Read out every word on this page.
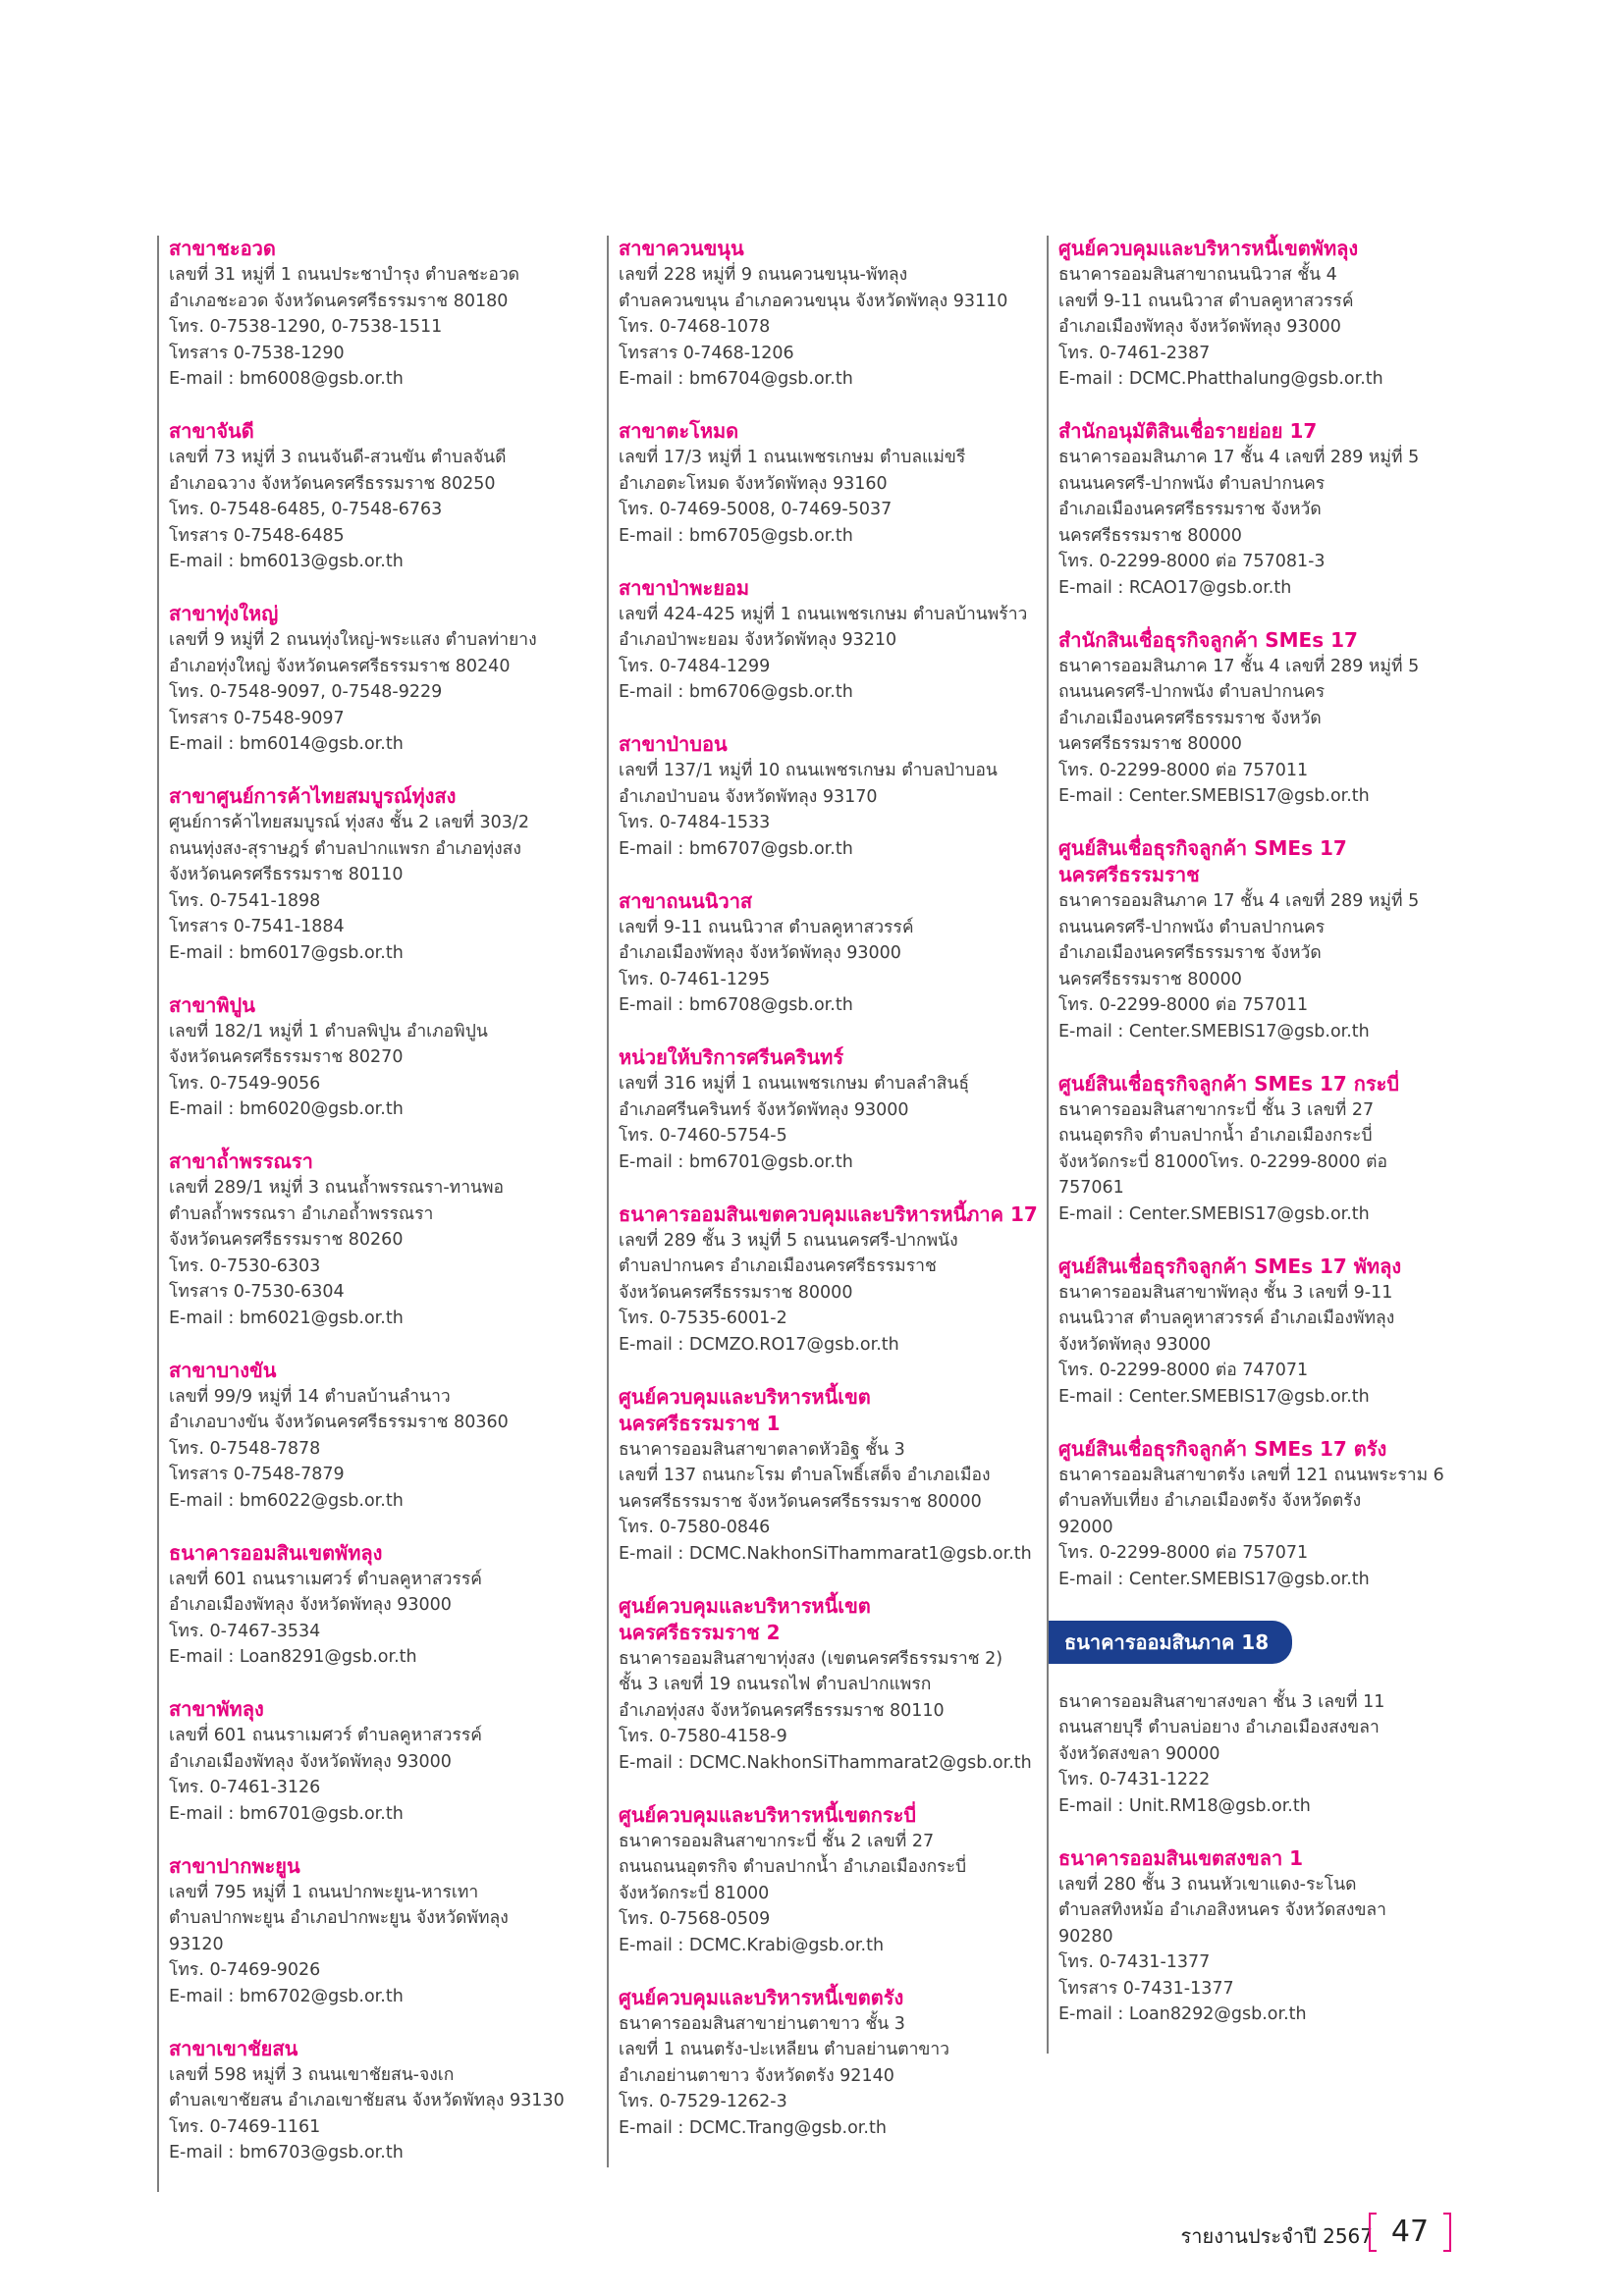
สาขาชะอวด
เลขที่ 31 หมู่ที่ 1 ถนนประชาบำรุง ตำบลชะอวด
อำเภอชะอวด จังหวัดนครศรีธรรมราช 80180
โทร. 0-7538-1290, 0-7538-1511
โทรสาร 0-7538-1290
E-mail : bm6008@gsb.or.th
สาขาจันดี
เลขที่ 73 หมู่ที่ 3 ถนนจันดี-สวนขัน ตำบลจันดี
อำเภอฉวาง จังหวัดนครศรีธรรมราช 80250
โทร. 0-7548-6485, 0-7548-6763
โทรสาร 0-7548-6485
E-mail : bm6013@gsb.or.th
สาขาทุ่งใหญ่
เลขที่ 9 หมู่ที่ 2 ถนนทุ่งใหญ่-พระแสง ตำบลท่ายาง
อำเภอทุ่งใหญ่ จังหวัดนครศรีธรรมราช 80240
โทร. 0-7548-9097, 0-7548-9229
โทรสาร 0-7548-9097
E-mail : bm6014@gsb.or.th
สาขาศูนย์การค้าไทยสมบูรณ์ทุ่งสง
ศูนย์การค้าไทยสมบูรณ์ ทุ่งสง ชั้น 2 เลขที่ 303/2
ถนนทุ่งสง-สุราษฎร์ ตำบลปากแพรก อำเภอทุ่งสง
จังหวัดนครศรีธรรมราช 80110
โทร. 0-7541-1898
โทรสาร 0-7541-1884
E-mail : bm6017@gsb.or.th
สาขาพิปูน
เลขที่ 182/1 หมู่ที่ 1 ตำบลพิปูน อำเภอพิปูน
จังหวัดนครศรีธรรมราช 80270
โทร. 0-7549-9056
E-mail : bm6020@gsb.or.th
สาขาถ้ำพรรณรา
เลขที่ 289/1 หมู่ที่ 3 ถนนถ้ำพรรณรา-ทานพอ
ตำบลถ้ำพรรณรา อำเภอถ้ำพรรณรา
จังหวัดนครศรีธรรมราช 80260
โทร. 0-7530-6303
โทรสาร 0-7530-6304
E-mail : bm6021@gsb.or.th
สาขาบางขัน
เลขที่ 99/9 หมู่ที่ 14 ตำบลบ้านลำนาว
อำเภอบางขัน จังหวัดนครศรีธรรมราช 80360
โทร. 0-7548-7878
โทรสาร 0-7548-7879
E-mail : bm6022@gsb.or.th
ธนาคารออมสินเขตพัทลุง
เลขที่ 601 ถนนราเมศวร์ ตำบลคูหาสวรรค์
อำเภอเมืองพัทลุง จังหวัดพัทลุง 93000
โทร. 0-7467-3534
E-mail : Loan8291@gsb.or.th
สาขาพัทลุง
เลขที่ 601 ถนนราเมศวร์ ตำบลคูหาสวรรค์
อำเภอเมืองพัทลุง จังหวัดพัทลุง 93000
โทร. 0-7461-3126
E-mail : bm6701@gsb.or.th
สาขาปากพะยูน
เลขที่ 795 หมู่ที่ 1 ถนนปากพะยูน-หารเทา
ตำบลปากพะยูน อำเภอปากพะยูน จังหวัดพัทลุง
93120
โทร. 0-7469-9026
E-mail : bm6702@gsb.or.th
สาขาเขาชัยสน
เลขที่ 598 หมู่ที่ 3 ถนนเขาชัยสน-จงเก
ตำบลเขาชัยสน อำเภอเขาชัยสน จังหวัดพัทลุง 93130
โทร. 0-7469-1161
E-mail : bm6703@gsb.or.th
สาขาควนขนุน
เลขที่ 228 หมู่ที่ 9 ถนนควนขนุน-พัทลุง
ตำบลควนขนุน อำเภอควนขนุน จังหวัดพัทลุง 93110
โทร. 0-7468-1078
โทรสาร 0-7468-1206
E-mail : bm6704@gsb.or.th
สาขาตะโหมด
เลขที่ 17/3 หมู่ที่ 1 ถนนเพชรเกษม ตำบลแม่ขรี
อำเภอตะโหมด จังหวัดพัทลุง 93160
โทร. 0-7469-5008, 0-7469-5037
E-mail : bm6705@gsb.or.th
สาขาป่าพะยอม
เลขที่ 424-425 หมู่ที่ 1 ถนนเพชรเกษม ตำบลบ้านพร้าว
อำเภอป่าพะยอม จังหวัดพัทลุง 93210
โทร. 0-7484-1299
E-mail : bm6706@gsb.or.th
สาขาป่าบอน
เลขที่ 137/1 หมู่ที่ 10 ถนนเพชรเกษม ตำบลป่าบอน
อำเภอป่าบอน จังหวัดพัทลุง 93170
โทร. 0-7484-1533
E-mail : bm6707@gsb.or.th
สาขาถนนนิวาส
เลขที่ 9-11 ถนนนิวาส ตำบลคูหาสวรรค์
อำเภอเมืองพัทลุง จังหวัดพัทลุง 93000
โทร. 0-7461-1295
E-mail : bm6708@gsb.or.th
หน่วยให้บริการศรีนครินทร์
เลขที่ 316 หมู่ที่ 1 ถนนเพชรเกษม ตำบลลำสินธุ์
อำเภอศรีนครินทร์ จังหวัดพัทลุง 93000
โทร. 0-7460-5754-5
E-mail : bm6701@gsb.or.th
ธนาคารออมสินเขตควบคุมและบริหารหนี้ภาค 17
เลขที่ 289 ชั้น 3 หมู่ที่ 5 ถนนนครศรี-ปากพนัง
ตำบลปากนคร อำเภอเมืองนครศรีธรรมราช
จังหวัดนครศรีธรรมราช 80000
โทร. 0-7535-6001-2
E-mail : DCMZO.RO17@gsb.or.th
ศูนย์ควบคุมและบริหารหนี้เขต
นครศรีธรรมราช 1
ธนาคารออมสินสาขาตลาดหัวอิฐ ชั้น 3
เลขที่ 137 ถนนกะโรม ตำบลโพธิ์เสด็จ อำเภอเมือง
นครศรีธรรมราช จังหวัดนครศรีธรรมราช 80000
โทร. 0-7580-0846
E-mail : DCMC.NakhonSiThammarat1@gsb.or.th
ศูนย์ควบคุมและบริหารหนี้เขต
นครศรีธรรมราช 2
ธนาคารออมสินสาขาทุ่งสง (เขตนครศรีธรรมราช 2)
ชั้น 3 เลขที่ 19 ถนนรถไฟ ตำบลปากแพรก
อำเภอทุ่งสง จังหวัดนครศรีธรรมราช 80110
โทร. 0-7580-4158-9
E-mail : DCMC.NakhonSiThammarat2@gsb.or.th
ศูนย์ควบคุมและบริหารหนี้เขตกระบี่
ธนาคารออมสินสาขากระบี่ ชั้น 2 เลขที่ 27
ถนนถนนอุตรกิจ ตำบลปากน้ำ อำเภอเมืองกระบี่
จังหวัดกระบี่ 81000
โทร. 0-7568-0509
E-mail : DCMC.Krabi@gsb.or.th
ศูนย์ควบคุมและบริหารหนี้เขตตรัง
ธนาคารออมสินสาขาย่านตาขาว ชั้น 3
เลขที่ 1 ถนนตรัง-ปะเหลียน ตำบลย่านตาขาว
อำเภอย่านตาขาว จังหวัดตรัง 92140
โทร. 0-7529-1262-3
E-mail : DCMC.Trang@gsb.or.th
ศูนย์ควบคุมและบริหารหนี้เขตพัทลุง
ธนาคารออมสินสาขาถนนนิวาส ชั้น 4
เลขที่ 9-11 ถนนนิวาส ตำบลคูหาสวรรค์
อำเภอเมืองพัทลุง จังหวัดพัทลุง 93000
โทร. 0-7461-2387
E-mail : DCMC.Phatthalung@gsb.or.th
สำนักอนุมัติสินเชื่อรายย่อย 17
ธนาคารออมสินภาค 17 ชั้น 4 เลขที่ 289 หมู่ที่ 5
ถนนนครศรี-ปากพนัง ตำบลปากนคร
อำเภอเมืองนครศรีธรรมราช จังหวัด
นครศรีธรรมราช 80000
โทร. 0-2299-8000 ต่อ 757081-3
E-mail : RCAO17@gsb.or.th
สำนักสินเชื่อธุรกิจลูกค้า SMEs 17
ธนาคารออมสินภาค 17 ชั้น 4 เลขที่ 289 หมู่ที่ 5
ถนนนครศรี-ปากพนัง ตำบลปากนคร
อำเภอเมืองนครศรีธรรมราช จังหวัด
นครศรีธรรมราช 80000
โทร. 0-2299-8000 ต่อ 757011
E-mail : Center.SMEBIS17@gsb.or.th
ศูนย์สินเชื่อธุรกิจลูกค้า SMEs 17
นครศรีธรรมราช
ธนาคารออมสินภาค 17 ชั้น 4 เลขที่ 289 หมู่ที่ 5
ถนนนครศรี-ปากพนัง ตำบลปากนคร
อำเภอเมืองนครศรีธรรมราช จังหวัด
นครศรีธรรมราช 80000
โทร. 0-2299-8000 ต่อ 757011
E-mail : Center.SMEBIS17@gsb.or.th
ศูนย์สินเชื่อธุรกิจลูกค้า SMEs 17 กระบี่
ธนาคารออมสินสาขากระบี่ ชั้น 3 เลขที่ 27
ถนนอุตรกิจ ตำบลปากน้ำ อำเภอเมืองกระบี่
จังหวัดกระบี่ 81000โทร. 0-2299-8000 ต่อ
757061
E-mail : Center.SMEBIS17@gsb.or.th
ศูนย์สินเชื่อธุรกิจลูกค้า SMEs 17 พัทลุง
ธนาคารออมสินสาขาพัทลุง ชั้น 3 เลขที่ 9-11
ถนนนิวาส ตำบลคูหาสวรรค์ อำเภอเมืองพัทลุง
จังหวัดพัทลุง 93000
โทร. 0-2299-8000 ต่อ 747071
E-mail : Center.SMEBIS17@gsb.or.th
ศูนย์สินเชื่อธุรกิจลูกค้า SMEs 17 ตรัง
ธนาคารออมสินสาขาตรัง เลขที่ 121 ถนนพระราม 6
ตำบลทับเที่ยง อำเภอเมืองตรัง จังหวัดตรัง
92000
โทร. 0-2299-8000 ต่อ 757071
E-mail : Center.SMEBIS17@gsb.or.th
ธนาคารออมสินภาค 18
ธนาคารออมสินสาขาสงขลา ชั้น 3 เลขที่ 11
ถนนสายบุรี ตำบลบ่อยาง อำเภอเมืองสงขลา
จังหวัดสงขลา 90000
โทร. 0-7431-1222
E-mail : Unit.RM18@gsb.or.th
ธนาคารออมสินเขตสงขลา 1
เลขที่ 280 ชั้น 3 ถนนหัวเขาแดง-ระโนด
ตำบลสทิงหม้อ อำเภอสิงหนคร จังหวัดสงขลา
90280
โทร. 0-7431-1377
โทรสาร 0-7431-1377
E-mail : Loan8292@gsb.or.th
รายงานประจำปี 2567 47
